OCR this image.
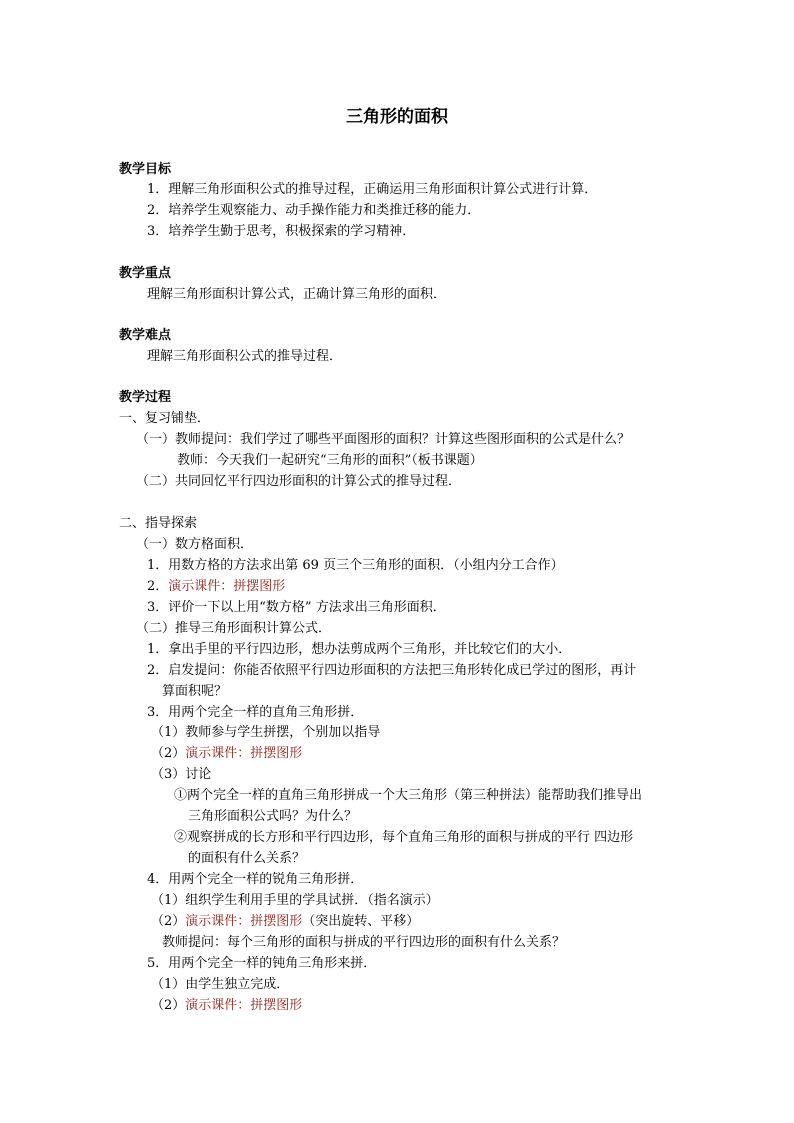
三角形的面积
教学目标
1．理解三角形面积公式的推导过程，正确运用三角形面积计算公式进行计算．
2．培养学生观察能力、动手操作能力和类推迁移的能力．
3．培养学生勤于思考，积极探索的学习精神．
教学重点
理解三角形面积计算公式，正确计算三角形的面积．
教学难点
理解三角形面积公式的推导过程．
教学过程
一、复习铺垫．
（一）教师提问：我们学过了哪些平面图形的面积？计算这些图形面积的公式是什么？
教师：今天我们一起研究“三角形的面积”（板书课题）
（二）共同回忆平行四边形面积的计算公式的推导过程．
二、指导探索
（一）数方格面积．
1．用数方格的方法求出第 69 页三个三角形的面积．（小组内分工合作）
2．演示课件：拼摆图形
3．评价一下以上用“数方格” 方法求出三角形面积．
（二）推导三角形面积计算公式．
1．拿出手里的平行四边形，想办法剪成两个三角形，并比较它们的大小．
2．启发提问：你能否依照平行四边形面积的方法把三角形转化成已学过的图形，再计
算面积呢？
3．用两个完全一样的直角三角形拼．
（1）教师参与学生拼摆，个别加以指导
（2）演示课件：拼摆图形
（3）讨论
①两个完全一样的直角三角形拼成一个大三角形（第三种拼法）能帮助我们推导出
三角形面积公式吗？为什么？
②观察拼成的长方形和平行四边形，每个直角三角形的面积与拼成的平行 四边形
的面积有什么关系？
4．用两个完全一样的锐角三角形拼．
（1）组织学生利用手里的学具试拼．（指名演示）
（2）演示课件：拼摆图形（突出旋转、平移）
教师提问：每个三角形的面积与拼成的平行四边形的面积有什么关系？
5．用两个完全一样的钝角三角形来拼．
（1）由学生独立完成．
（2）演示课件：拼摆图形
